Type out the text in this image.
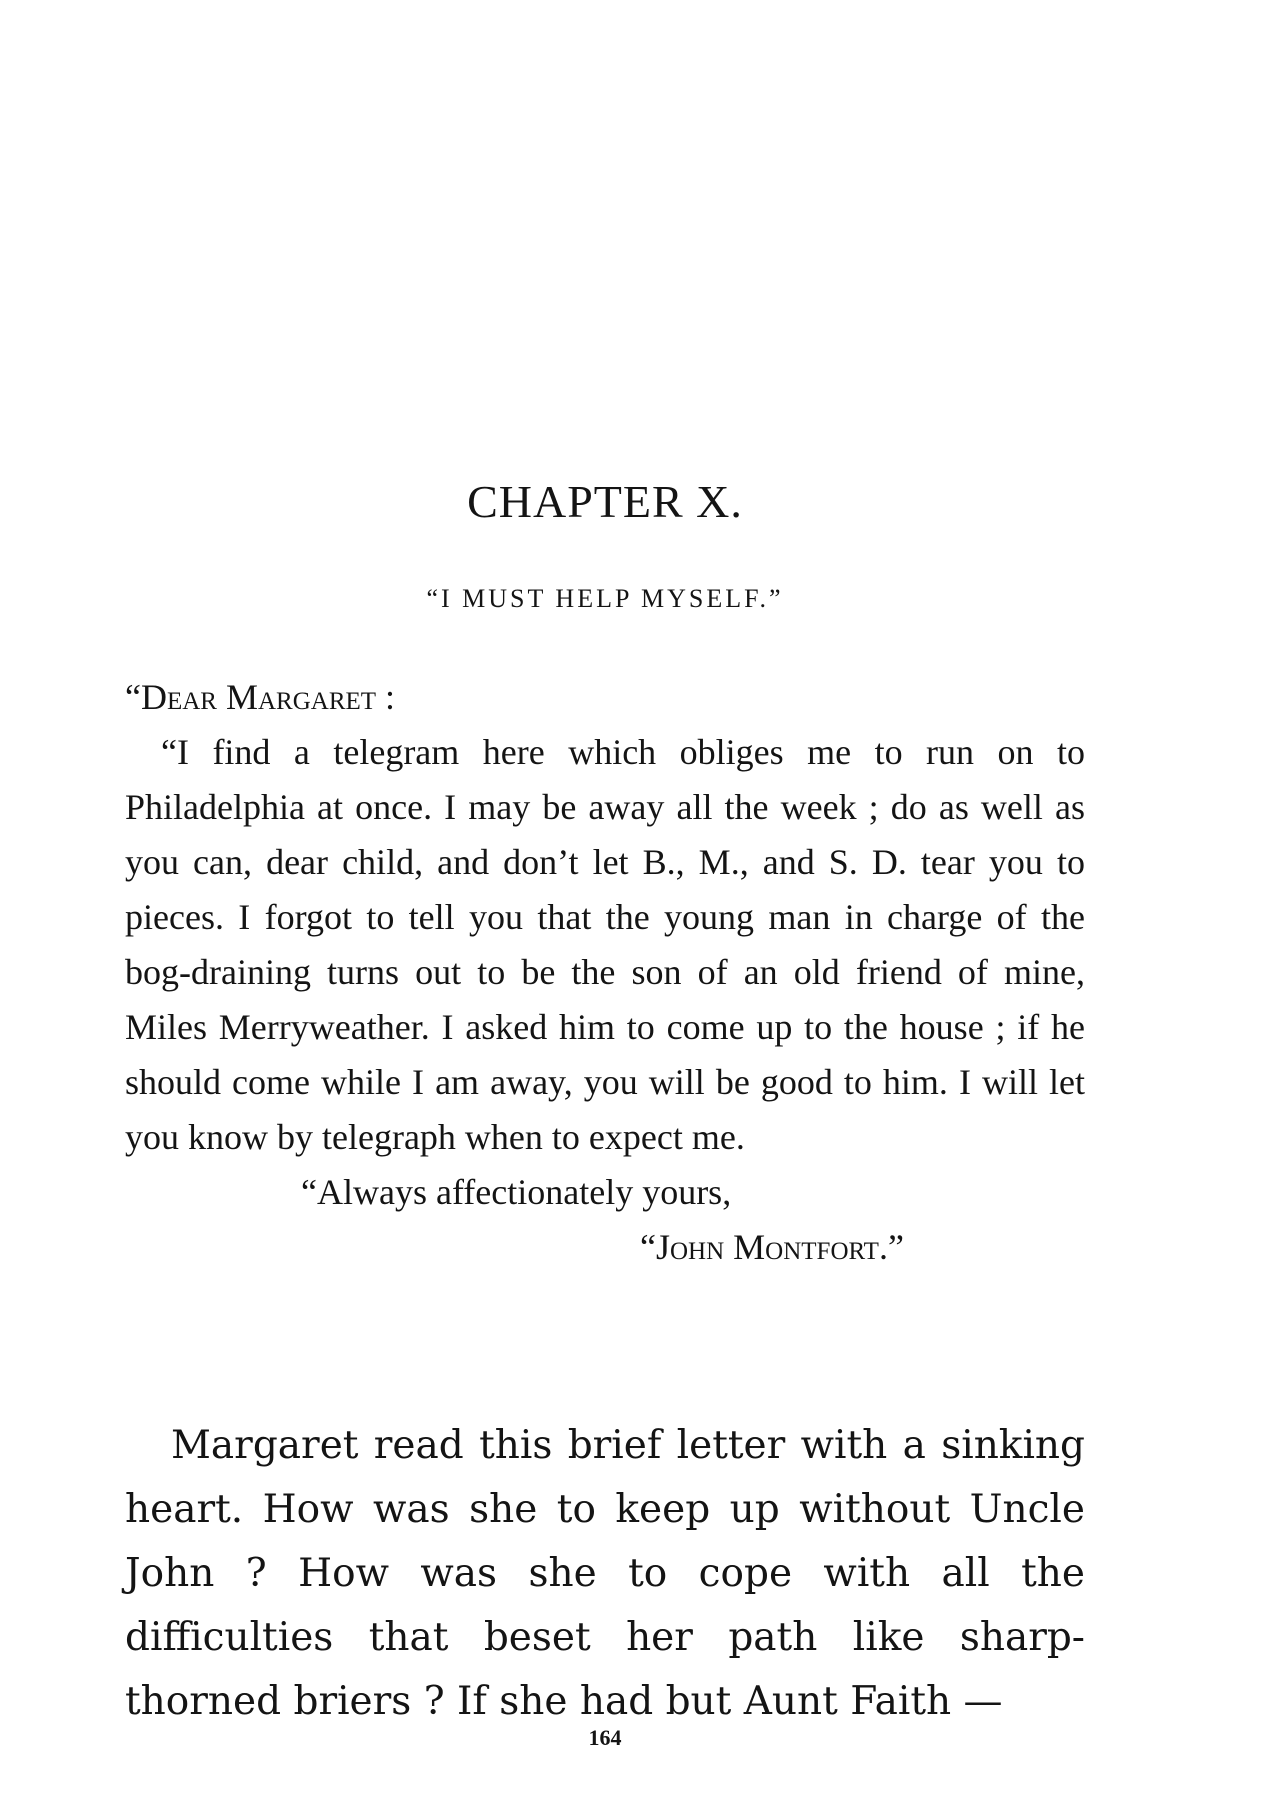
CHAPTER X.
“I MUST HELP MYSELF.”

“Dear Margaret :

“I find a telegram here which obliges me to run on to Philadelphia at once. I may be away all the week ; do as well as you can, dear child, and don’t let B., M., and S. D. tear you to pieces. I forgot to tell you that the young man in charge of the bog-draining turns out to be the son of an old friend of mine, Miles Merryweather. I asked him to come up to the house ; if he should come while I am away, you will be good to him. I will let you know by telegraph when to expect me.

“Always affectionately yours,

“John Montfort.”

Margaret read this brief letter with a sinking heart. How was she to keep up without Uncle John ? How was she to cope with all the difficulties that beset her path like sharp-thorned briers ? If she had but Aunt Faith —

164
